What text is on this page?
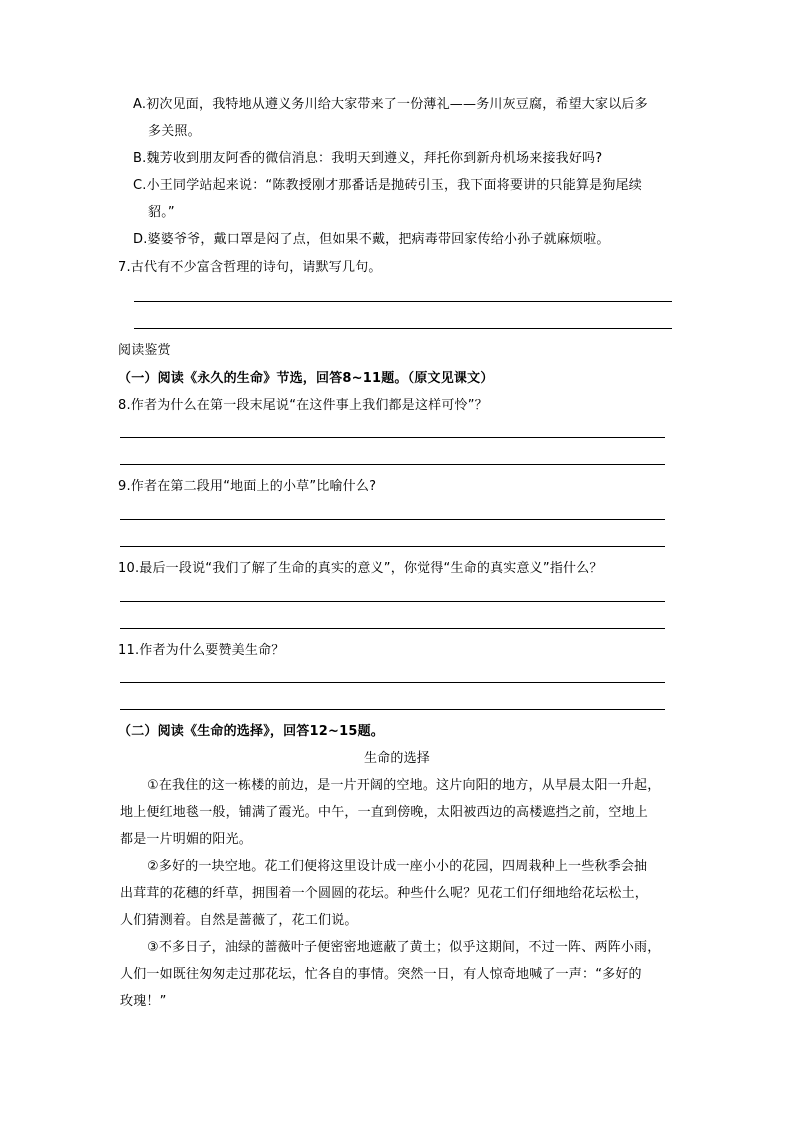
A.初次见面，我特地从遵义务川给大家带来了一份薄礼——务川灰豆腐，希望大家以后多
多关照。
B.魏芳收到朋友阿香的微信消息：我明天到遵义，拜托你到新舟机场来接我好吗?
C.小王同学站起来说：“陈教授刚才那番话是抛砖引玉，我下面将要讲的只能算是狗尾续
貂。”
D.婆婆爷爷，戴口罩是闷了点，但如果不戴，把病毒带回家传给小孙子就麻烦啦。
7.古代有不少富含哲理的诗句，请默写几句。
阅读鉴赏
（一）阅读《永久的生命》节选，回答8~11题。（原文见课文）
8.作者为什么在第一段末尾说“在这件事上我们都是这样可怜”？
9.作者在第二段用“地面上的小草”比喻什么?
10.最后一段说“我们了解了生命的真实的意义”，你觉得“生命的真实意义”指什么？
11.作者为什么要赞美生命？
（二）阅读《生命的选择》，回答12~15题。
生命的选择
①在我住的这一栋楼的前边，是一片开阔的空地。这片向阳的地方，从早晨太阳一升起，
地上便红地毯一般，铺满了霞光。中午，一直到傍晚，太阳被西边的高楼遮挡之前，空地上
都是一片明媚的阳光。
②多好的一块空地。花工们便将这里设计成一座小小的花园，四周栽种上一些秋季会抽
出茸茸的花穗的纤草，拥围着一个圆圆的花坛。种些什么呢？见花工们仔细地给花坛松土，
人们猜测着。自然是蔷薇了，花工们说。
③不多日子，油绿的蔷薇叶子便密密地遮蔽了黄土；似乎这期间，不过一阵、两阵小雨，
人们一如既往匆匆走过那花坛，忙各自的事情。突然一日，有人惊奇地喊了一声：“多好的
玫瑰！”
